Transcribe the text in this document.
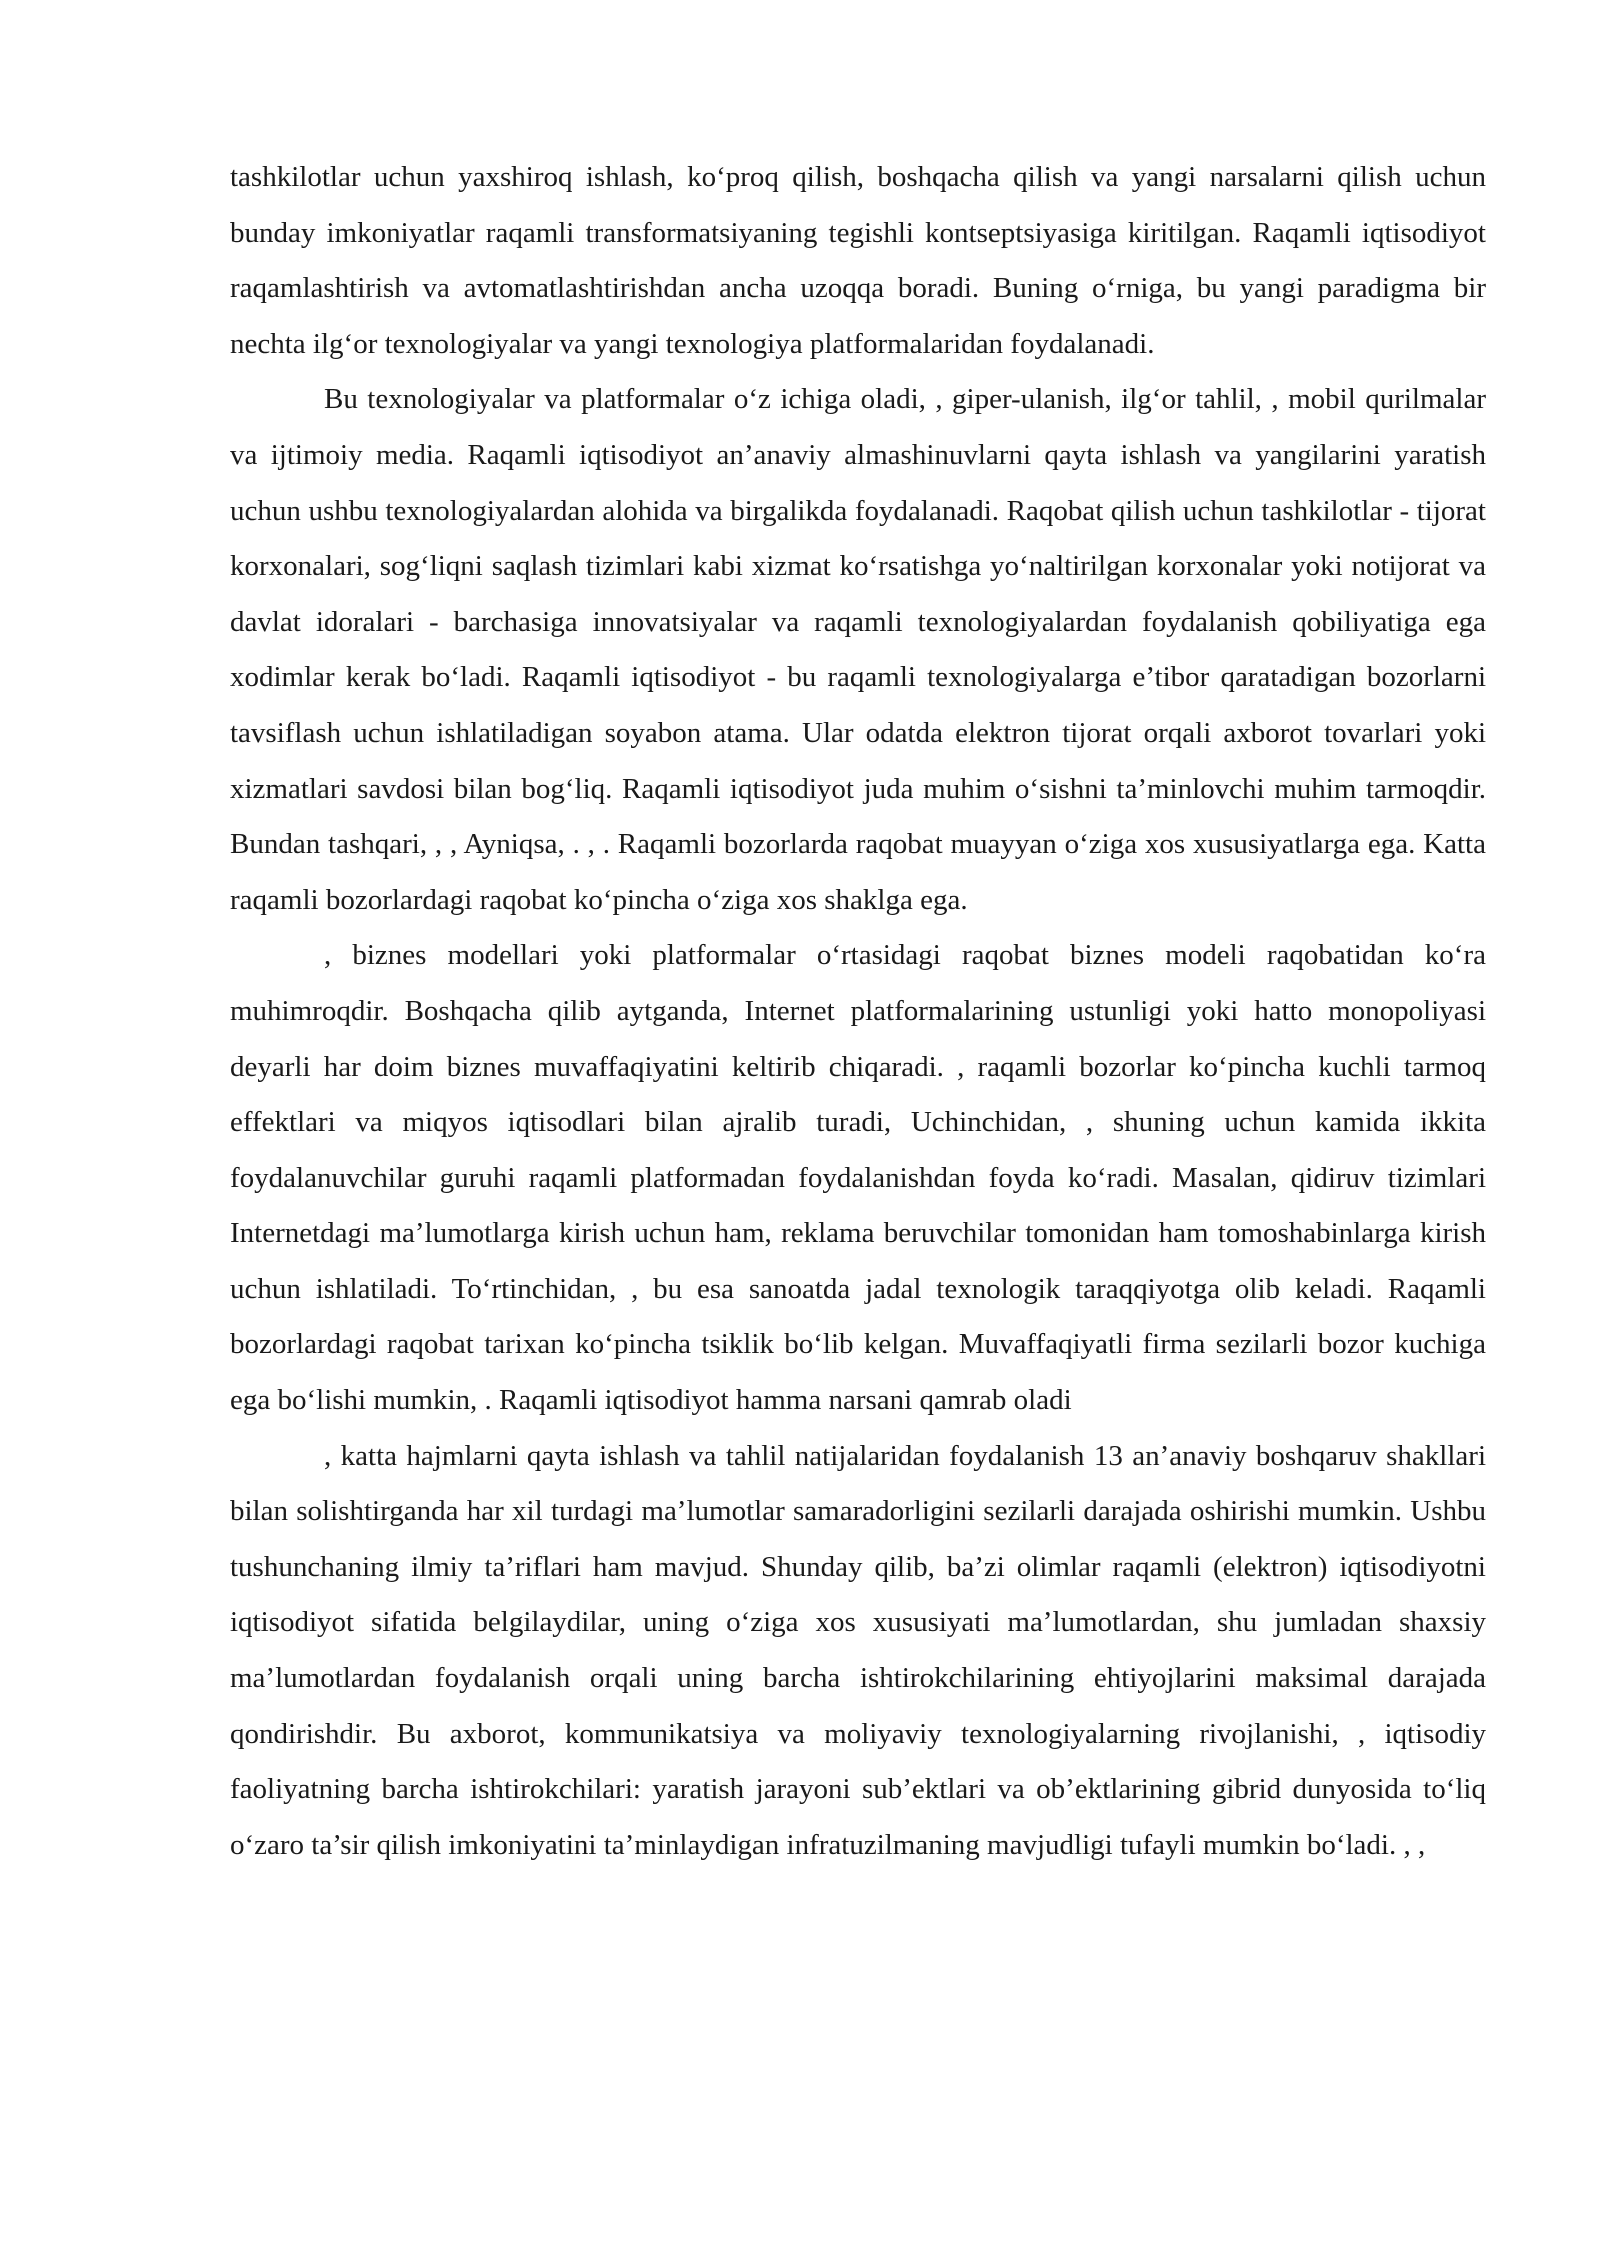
tashkilotlar uchun yaxshiroq ishlash, ko‘proq qilish, boshqacha qilish va yangi narsalarni qilish uchun bunday imkoniyatlar raqamli transformatsiyaning tegishli kontseptsiyasiga kiritilgan. Raqamli iqtisodiyot raqamlashtirish va avtomatlashtirishdan ancha uzoqqa boradi. Buning o‘rniga, bu yangi paradigma bir nechta ilg‘or texnologiyalar va yangi texnologiya platformalaridan foydalanadi.

Bu texnologiyalar va platformalar o‘z ichiga oladi, , giper-ulanish, ilg‘or tahlil, , mobil qurilmalar va ijtimoiy media. Raqamli iqtisodiyot an’anaviy almashinuvlarni qayta ishlash va yangilarini yaratish uchun ushbu texnologiyalardan alohida va birgalikda foydalanadi. Raqobat qilish uchun tashkilotlar - tijorat korxonalari, sog‘liqni saqlash tizimlari kabi xizmat ko‘rsatishga yo‘naltirilgan korxonalar yoki notijorat va davlat idoralari - barchasiga innovatsiyalar va raqamli texnologiyalardan foydalanish qobiliyatiga ega xodimlar kerak bo‘ladi. Raqamli iqtisodiyot - bu raqamli texnologiyalarga e’tibor qaratadigan bozorlarni tavsiflash uchun ishlatiladigan soyabon atama. Ular odatda elektron tijorat orqali axborot tovarlari yoki xizmatlari savdosi bilan bog‘liq. Raqamli iqtisodiyot juda muhim o‘sishni ta’minlovchi muhim tarmoqdir. Bundan tashqari, , , Ayniqsa, . , . Raqamli bozorlarda raqobat muayyan o‘ziga xos xususiyatlarga ega. Katta raqamli bozorlardagi raqobat ko‘pincha o‘ziga xos shaklga ega.

, biznes modellari yoki platformalar o‘rtasidagi raqobat biznes modeli raqobatidan ko‘ra muhimroqdir. Boshqacha qilib aytganda, Internet platformalarining ustunligi yoki hatto monopoliyasi deyarli har doim biznes muvaffaqiyatini keltirib chiqaradi. , raqamli bozorlar ko‘pincha kuchli tarmoq effektlari va miqyos iqtisodlari bilan ajralib turadi, Uchinchidan, , shuning uchun kamida ikkita foydalanuvchilar guruhi raqamli platformadan foydalanishdan foyda ko‘radi. Masalan, qidiruv tizimlari Internetdagi ma’lumotlarga kirish uchun ham, reklama beruvchilar tomonidan ham tomoshabinlarga kirish uchun ishlatiladi. To‘rtinchidan, , bu esa sanoatda jadal texnologik taraqqiyotga olib keladi. Raqamli bozorlardagi raqobat tarixan ko‘pincha tsiklik bo‘lib kelgan. Muvaffaqiyatli firma sezilarli bozor kuchiga ega bo‘lishi mumkin, . Raqamli iqtisodiyot hamma narsani qamrab oladi

, katta hajmlarni qayta ishlash va tahlil natijalaridan foydalanish 13 an’anaviy boshqaruv shakllari bilan solishtirganda har xil turdagi ma’lumotlar samaradorligini sezilarli darajada oshirishi mumkin. Ushbu tushunchaning ilmiy ta’riflari ham mavjud. Shunday qilib, ba’zi olimlar raqamli (elektron) iqtisodiyotni iqtisodiyot sifatida belgilaydilar, uning o‘ziga xos xususiyati ma’lumotlardan, shu jumladan shaxsiy ma’lumotlardan foydalanish orqali uning barcha ishtirokchilarining ehtiyojlarini maksimal darajada qondirishdir. Bu axborot, kommunikatsiya va moliyaviy texnologiyalarning rivojlanishi, , iqtisodiy faoliyatning barcha ishtirokchilari: yaratish jarayoni sub’ektlari va ob’ektlarining gibrid dunyosida to‘liq o‘zaro ta’sir qilish imkoniyatini ta’minlaydigan infratuzilmaning mavjudligi tufayli mumkin bo‘ladi. , ,
